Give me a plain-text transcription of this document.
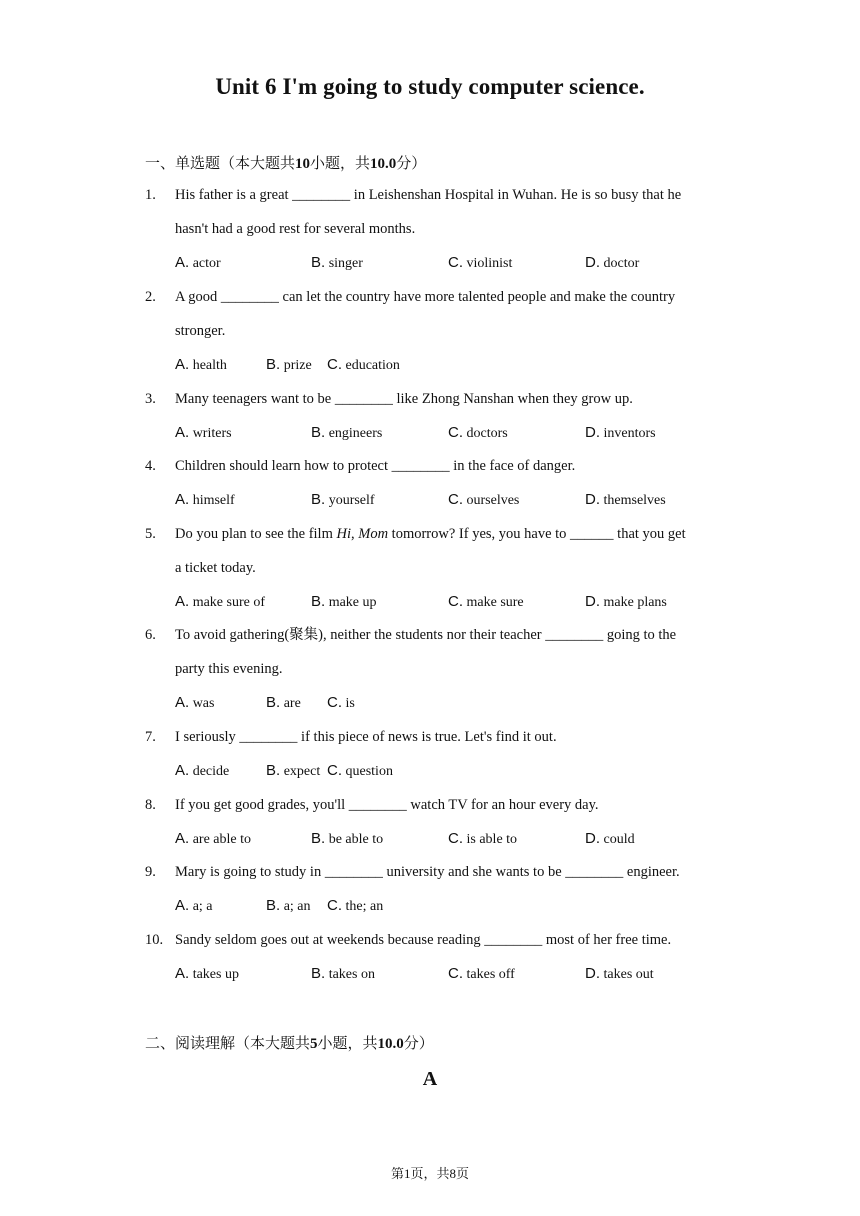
Unit 6 I'm going to study computer science.
一、单选题（本大题共10小题，共10.0分）
1.	His father is a great ________ in Leishenshan Hospital in Wuhan. He is so busy that he
hasn't had a good rest for several months.
A. actor	B. singer	C. violinist	D. doctor
2.	A good ________ can let the country have more talented people and make the country
stronger.
A. health	B. prize C. education
3.	Many teenagers want to be ________ like Zhong Nanshan when they grow up.
A. writers	B. engineers	C. doctors	D. inventors
4.	Children should learn how to protect ________ in the face of danger.
A. himself	B. yourself	C. ourselves	D. themselves
5.	Do you plan to see the film Hi, Mom tomorrow? If yes, you have to ______ that you get
a ticket today.
A. make sure of	B. make up	C. make sure	D. make plans
6.	To avoid gathering(聚集), neither the students nor their teacher ________ going to the
party this evening.
A. was	B. are C. is
7.	I seriously ________ if this piece of news is true. Let's find it out.
A. decide B. expect C. question
8.	If you get good grades, you'll ________ watch TV for an hour every day.
A. are able to	B. be able to	C. is able to	D. could
9.	Mary is going to study in ________ university and she wants to be ________ engineer.
A. a; a	B. a; an C. the; an
10. Sandy seldom goes out at weekends because reading ________ most of her free time.
A. takes up	B. takes on	C. takes off	D. takes out
二、阅读理解（本大题共5小题，共10.0分）
A
第1页，共8页
